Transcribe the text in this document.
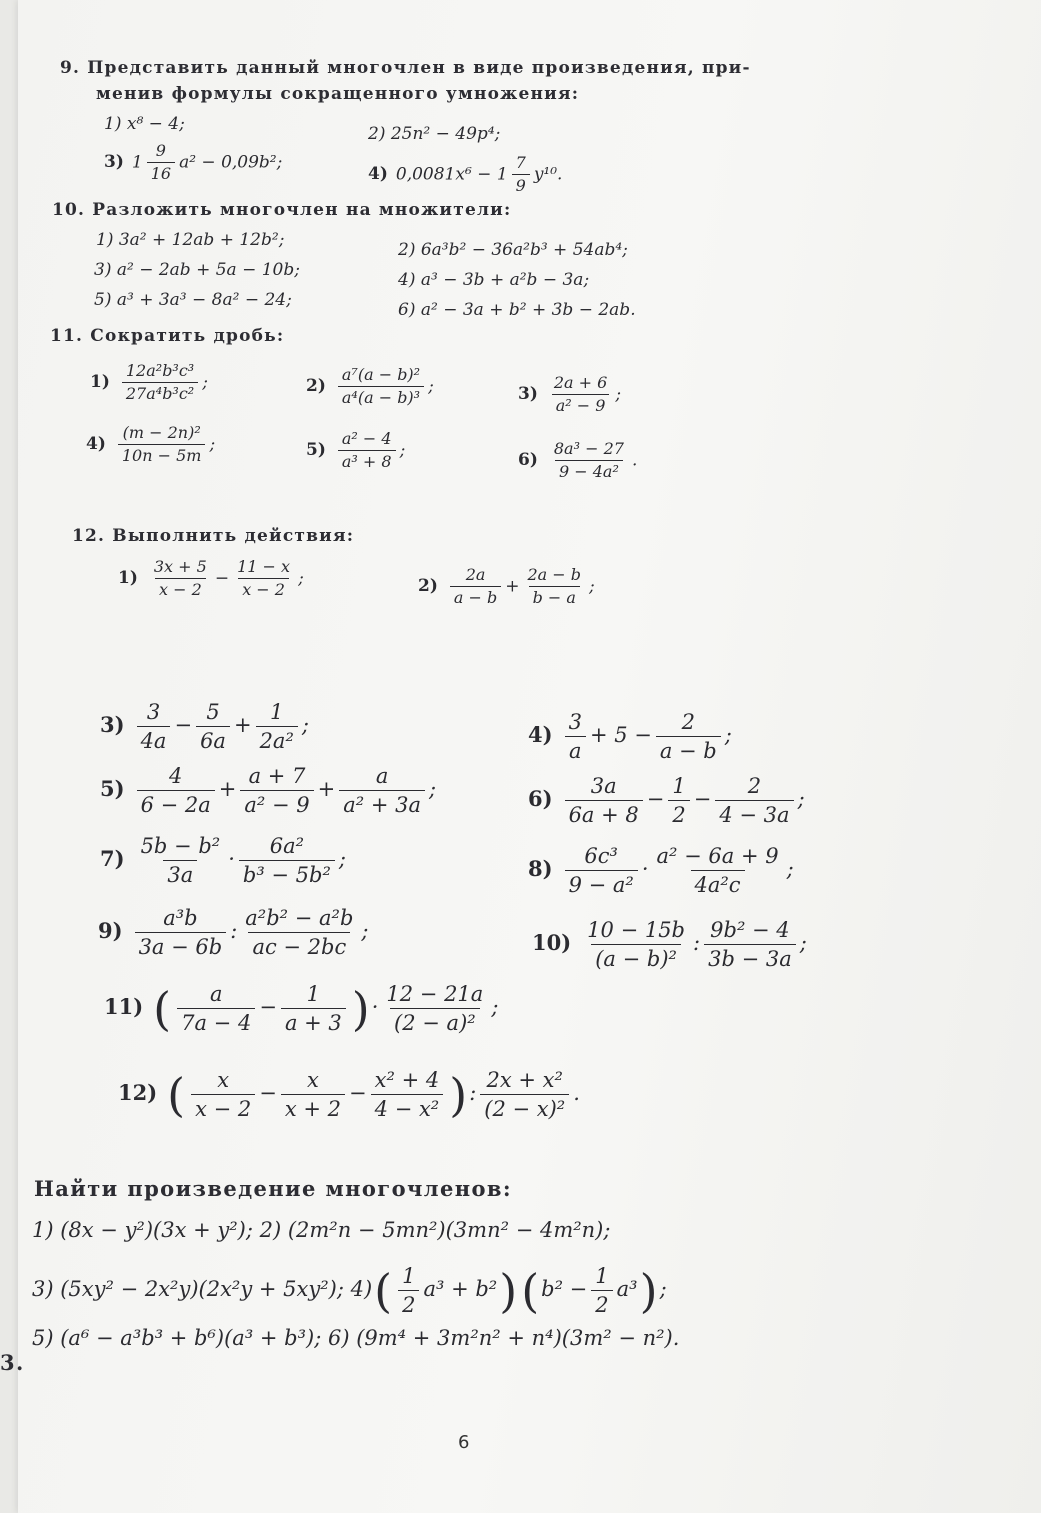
9. Представить данный многочлен в виде произведения, при-
менив формулы сокращенного умножения:
1) x⁸ − 4;	2) 25n² − 49p⁴;
3) $1 \frac{9}{16} a^2 - 0,09b^2$;
4) $0,0081x^6 - 1 \frac{7}{9} y^{10}$.
10. Разложить многочлен на множители:
1) 3a² + 12ab + 12b²;	2) 6a³b² − 36a²b³ + 54ab⁴;
3) a² − 2ab + 5a − 10b;	4) a³ − 3b + a²b − 3a;
5) a³ + 3a³ − 8a² − 24;	6) a² − 3a + b² + 3b − 2ab.
11. Сократить дробь:
$1) \frac{\text{12a²b³c³}}{\text{27a⁴b³c²}}$ ;	$2) \frac{\text{a⁷(a − b)²}}{\text{a⁴(a − b)³}}$ ;	$3) \frac{2a + 6}{\text{a² − 9}}$ ;
$4) \frac{\text{(m − 2n)²}}{10n - 5m}$ ;	$5) \frac{\text{a² − 4}}{\text{a³ + 8}}$ ;	$6) \frac{\text{8a³ − 27}}{\text{9 − 4a²}}$ .
12. Выполнить действия:
$1) \frac{3x + 5}{x - 2} - \frac{11 - x}{x - 2}$ ;	$2) \frac{2a}{a - b} + \frac{2a - b}{b - a}$ ;
$3) \frac{3}{4a} - \frac{5}{6a} + \frac{1}{\text{2a²}}$ ;	$4) \frac{3}{a} + 5 - \frac{2}{a - b}$ ;
$5) \frac{4}{6 - 2a} + \frac{a + 7}{\text{a² − 9}} + \frac{a}{\text{a² + 3a}}$ ;	$6) \frac{3a}{6a + 8} - \frac{1}{2} - \frac{2}{4 - 3a}$ ;
$7) \frac{\text{5b − b²}}{3a} \cdot \frac{\text{6a²}}{\text{b³ − 5b²}}$ ;	$8) \frac{\text{6c³}}{\text{9 − a²}} \cdot \frac{\text{a² − 6a + 9}}{\text{4a²c}}$ ;
$9) \frac{\text{a³b}}{3a - 6b}$ : $\frac{\text{a²b² − a²b}}{ac - 2bc}$ ;	$10) \frac{10 - 15b}{\text{(a − b)²}}$ : $\frac{\text{9b² − 4}}{3b - 3a}$ ;
11) ( $\frac{a}{7a - 4} - \frac{1}{a + 3}$ )· $\frac{12 - 21a}{\text{(2 − a)²}}$ ;
12) ( $\frac{x}{x - 2} - \frac{x}{x + 2} - \frac{\text{x² + 4}}{\text{4 − x²}}$ ): $\frac{\text{2x + x²}}{\text{(2 − x)²}}$ .
Найти произведение многочленов:
1) (8x − y²)(3x + y²); 2) (2m²n − 5mn²)(3mn² − 4m²n);
3) (5xy² − 2x²y)(2x²y + 5xy²); $4)( \frac{1}{2} a^3 + b^2)(b^2 - \frac{1}{2} a^3)$;
5) (a⁶ − a³b³ + b⁶)(a³ + b³); 6) (9m⁴ + 3m²n² + n⁴)(3m² − n²).
6
3.
